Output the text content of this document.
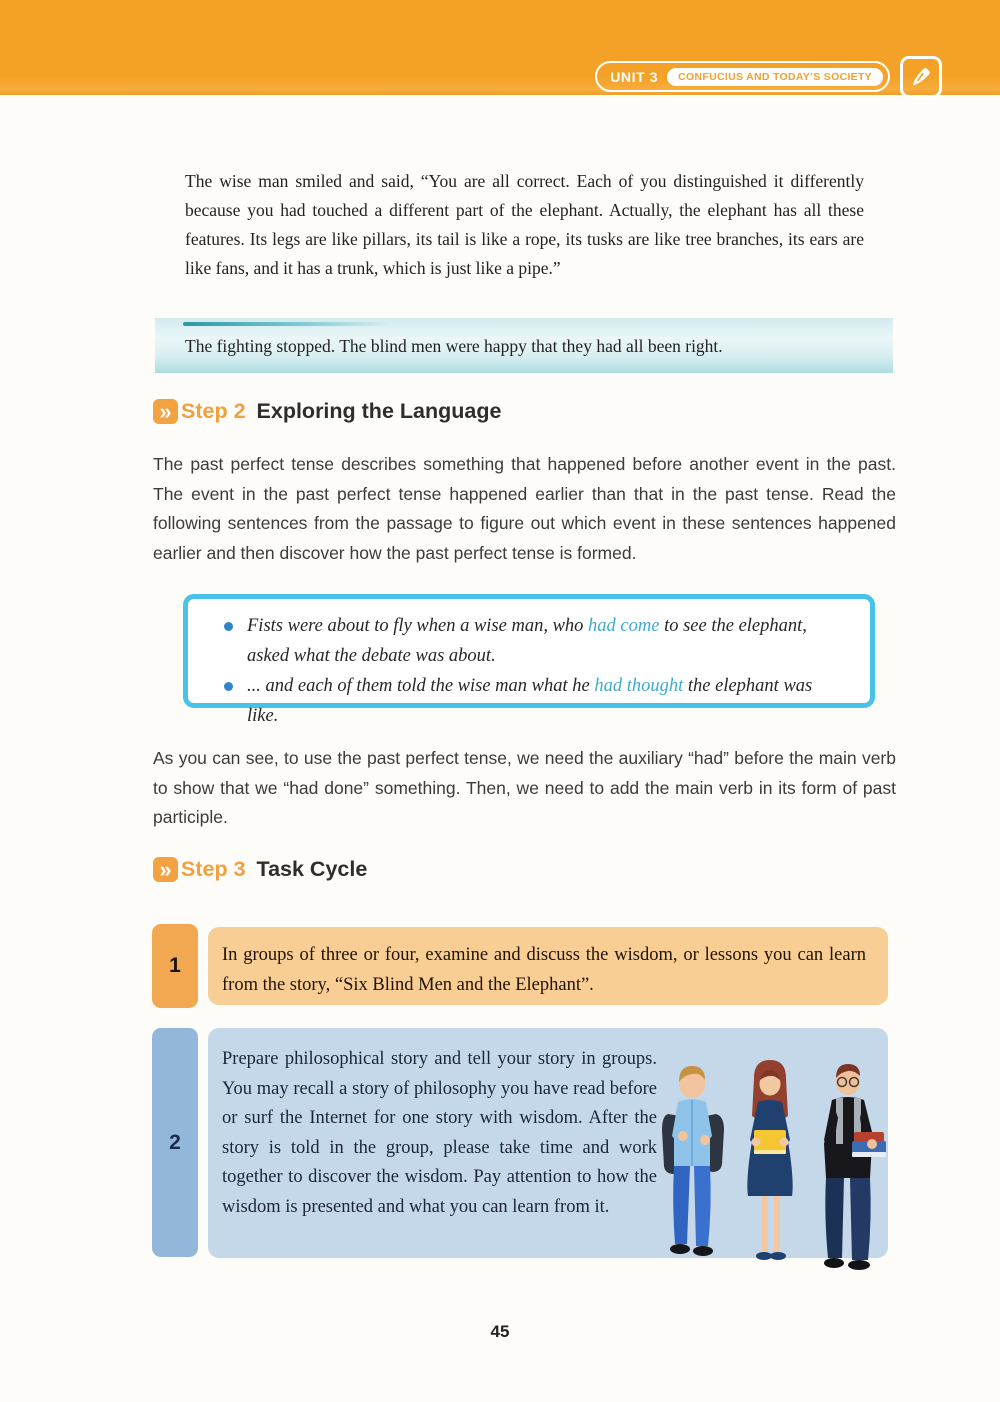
UNIT 3	CONFUCIUS AND TODAY’S SOCIETY

The wise man smiled and said, “You are all correct. Each of you distinguished it differently because you had touched a different part of the elephant. Actually, the elephant has all these features. Its legs are like pillars, its tail is like a rope, its tusks are like tree branches, its ears are like fans, and it has a trunk, which is just like a pipe.”

The fighting stopped. The blind men were happy that they had all been right.
» Step 2 Exploring the Language

The past perfect tense describes something that happened before another event in the past. The event in the past perfect tense happened earlier than that in the past tense. Read the following sentences from the passage to figure out which event in these sentences happened earlier and then discover how the past perfect tense is formed.

Fists were about to fly when a wise man, who had come to see the elephant, asked what the debate was about.
... and each of them told the wise man what he had thought the elephant was like.

As you can see, to use the past perfect tense, we need the auxiliary “had” before the main verb to show that we “had done” something. Then, we need to add the main verb in its form of past participle.

» Step 3 Task Cycle
1	In groups of three or four, examine and discuss the wisdom, or lessons you can learn from the story, “Six Blind Men and the Elephant”.

2

Prepare philosophical story and tell your story in groups. You may recall a story of philosophy you have read before or surf the Internet for one story with wisdom. After the story is told in the group, please take time and work together to discover the wisdom. Pay attention to how the wisdom is presented and what you can learn from it.

45
